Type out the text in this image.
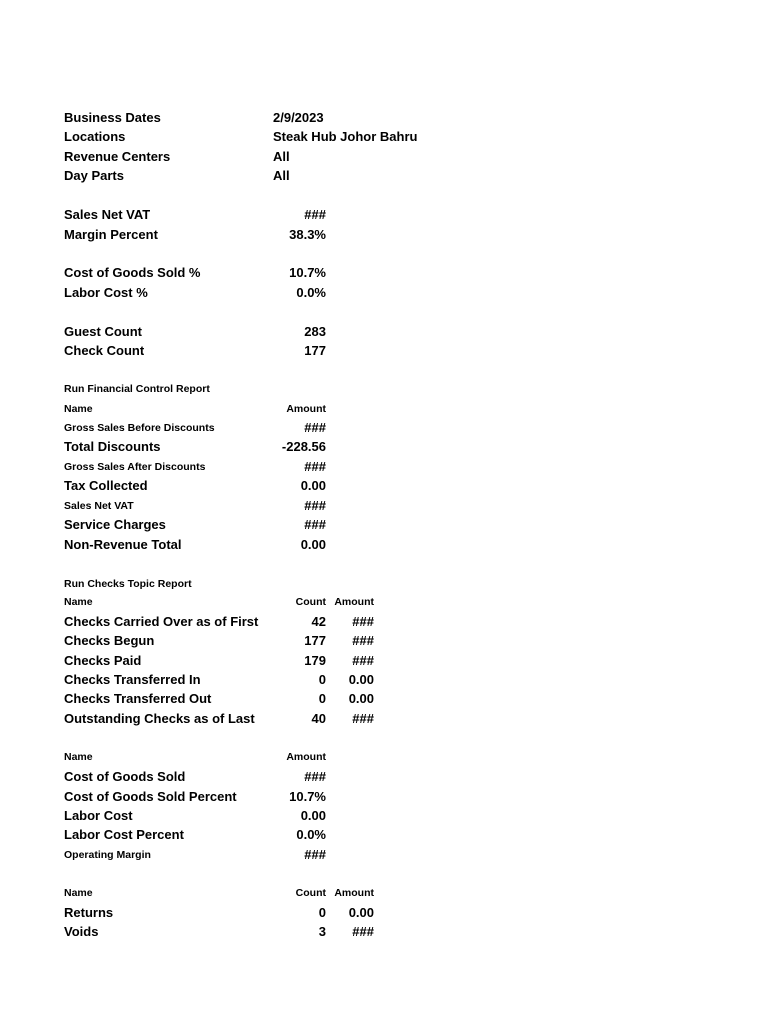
Business Dates	2/9/2023
Locations	Steak Hub Johor Bahru
Revenue Centers	All
Day Parts	All
Sales Net VAT	###
Margin Percent	38.3%
Cost of Goods Sold %	10.7%
Labor Cost %	0.0%
Guest Count	283
Check Count	177
Run Financial Control Report
Name	Amount
Gross Sales Before Discounts	###
Total Discounts	-228.56
Gross Sales After Discounts	###
Tax Collected	0.00
Sales Net VAT	###
Service Charges	###
Non-Revenue Total	0.00
Run Checks Topic Report
Name	Count Amount
Checks Carried Over as of First	42 ###
Checks Begun	177 ###
Checks Paid	179 ###
Checks Transferred In	0 0.00
Checks Transferred Out	0 0.00
Outstanding Checks as of Last	40 ###
Name	Amount
Cost of Goods Sold	###
Cost of Goods Sold Percent	10.7%
Labor Cost	0.00
Labor Cost Percent	0.0%
Operating Margin	###
Name	Count Amount
Returns	0 0.00
Voids	3 ###
